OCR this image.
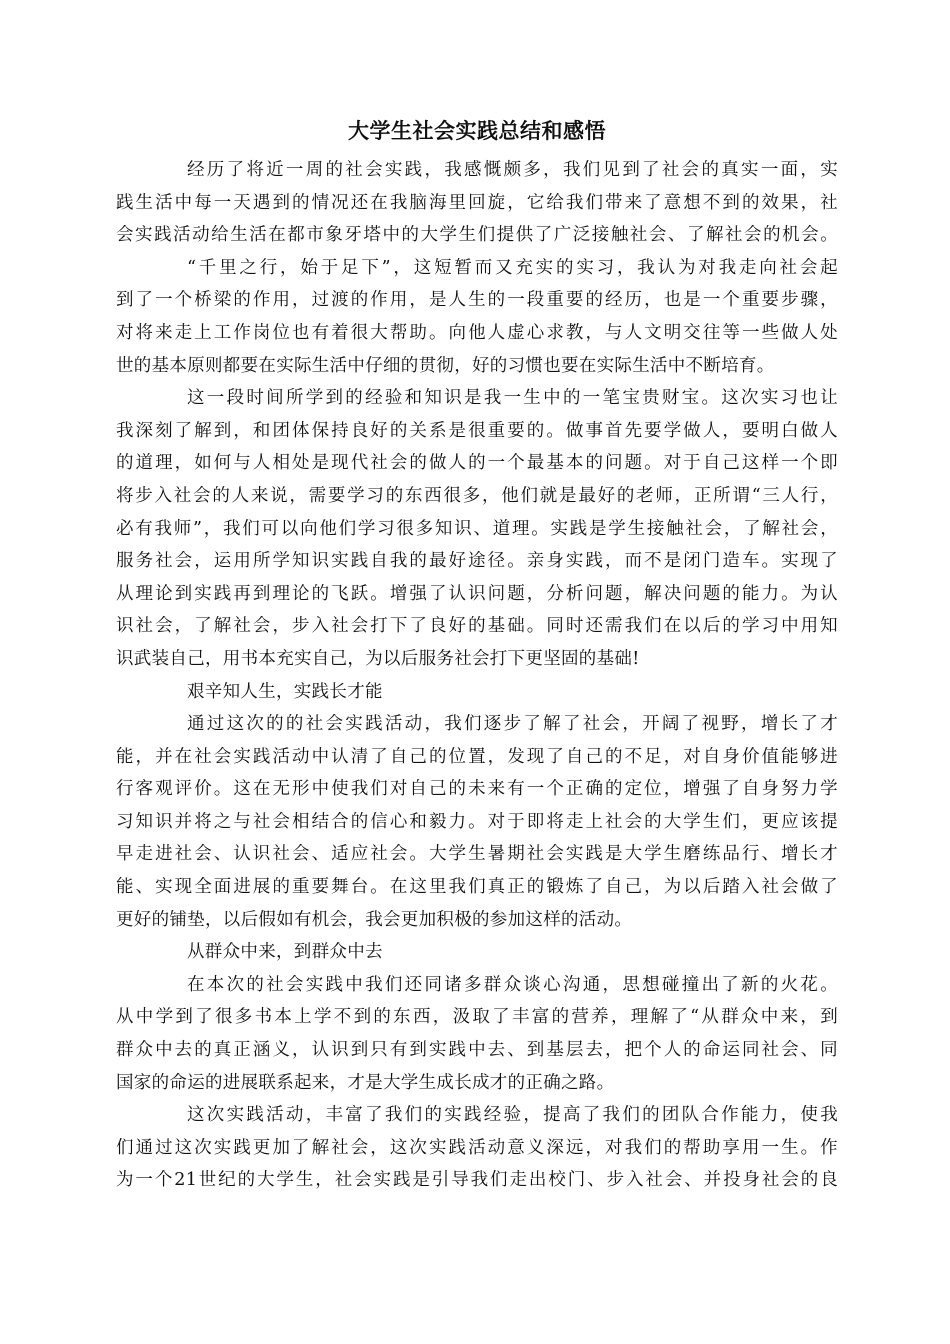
大学生社会实践总结和感悟
经历了将近一周的社会实践，我感慨颇多，我们见到了社会的真实一面，实
践生活中每一天遇到的情况还在我脑海里回旋，它给我们带来了意想不到的效果，社
会实践活动给生活在都市象牙塔中的大学生们提供了广泛接触社会、了解社会的机会。
“千里之行，始于足下”，这短暂而又充实的实习，我认为对我走向社会起
到了一个桥梁的作用，过渡的作用，是人生的一段重要的经历，也是一个重要步骤，
对将来走上工作岗位也有着很大帮助。向他人虚心求教，与人文明交往等一些做人处
世的基本原则都要在实际生活中仔细的贯彻，好的习惯也要在实际生活中不断培育。
这一段时间所学到的经验和知识是我一生中的一笔宝贵财宝。这次实习也让
我深刻了解到，和团体保持良好的关系是很重要的。做事首先要学做人，要明白做人
的道理，如何与人相处是现代社会的做人的一个最基本的问题。对于自己这样一个即
将步入社会的人来说，需要学习的东西很多，他们就是最好的老师，正所谓“三人行，
必有我师”，我们可以向他们学习很多知识、道理。实践是学生接触社会，了解社会，
服务社会，运用所学知识实践自我的最好途径。亲身实践，而不是闭门造车。实现了
从理论到实践再到理论的飞跃。增强了认识问题，分析问题，解决问题的能力。为认
识社会，了解社会，步入社会打下了良好的基础。同时还需我们在以后的学习中用知
识武装自己，用书本充实自己，为以后服务社会打下更坚固的基础!
艰辛知人生，实践长才能
通过这次的的社会实践活动，我们逐步了解了社会，开阔了视野，增长了才
能，并在社会实践活动中认清了自己的位置，发现了自己的不足，对自身价值能够进
行客观评价。这在无形中使我们对自己的未来有一个正确的定位，增强了自身努力学
习知识并将之与社会相结合的信心和毅力。对于即将走上社会的大学生们，更应该提
早走进社会、认识社会、适应社会。大学生暑期社会实践是大学生磨练品行、增长才
能、实现全面进展的重要舞台。在这里我们真正的锻炼了自己，为以后踏入社会做了
更好的铺垫，以后假如有机会，我会更加积极的参加这样的活动。
从群众中来，到群众中去
在本次的社会实践中我们还同诸多群众谈心沟通，思想碰撞出了新的火花。
从中学到了很多书本上学不到的东西，汲取了丰富的营养，理解了“从群众中来，到
群众中去的真正涵义，认识到只有到实践中去、到基层去，把个人的命运同社会、同
国家的命运的进展联系起来，才是大学生成长成才的正确之路。
这次实践活动，丰富了我们的实践经验，提高了我们的团队合作能力，使我
们通过这次实践更加了解社会，这次实践活动意义深远，对我们的帮助享用一生。作
为一个21世纪的大学生，社会实践是引导我们走出校门、步入社会、并投身社会的良
